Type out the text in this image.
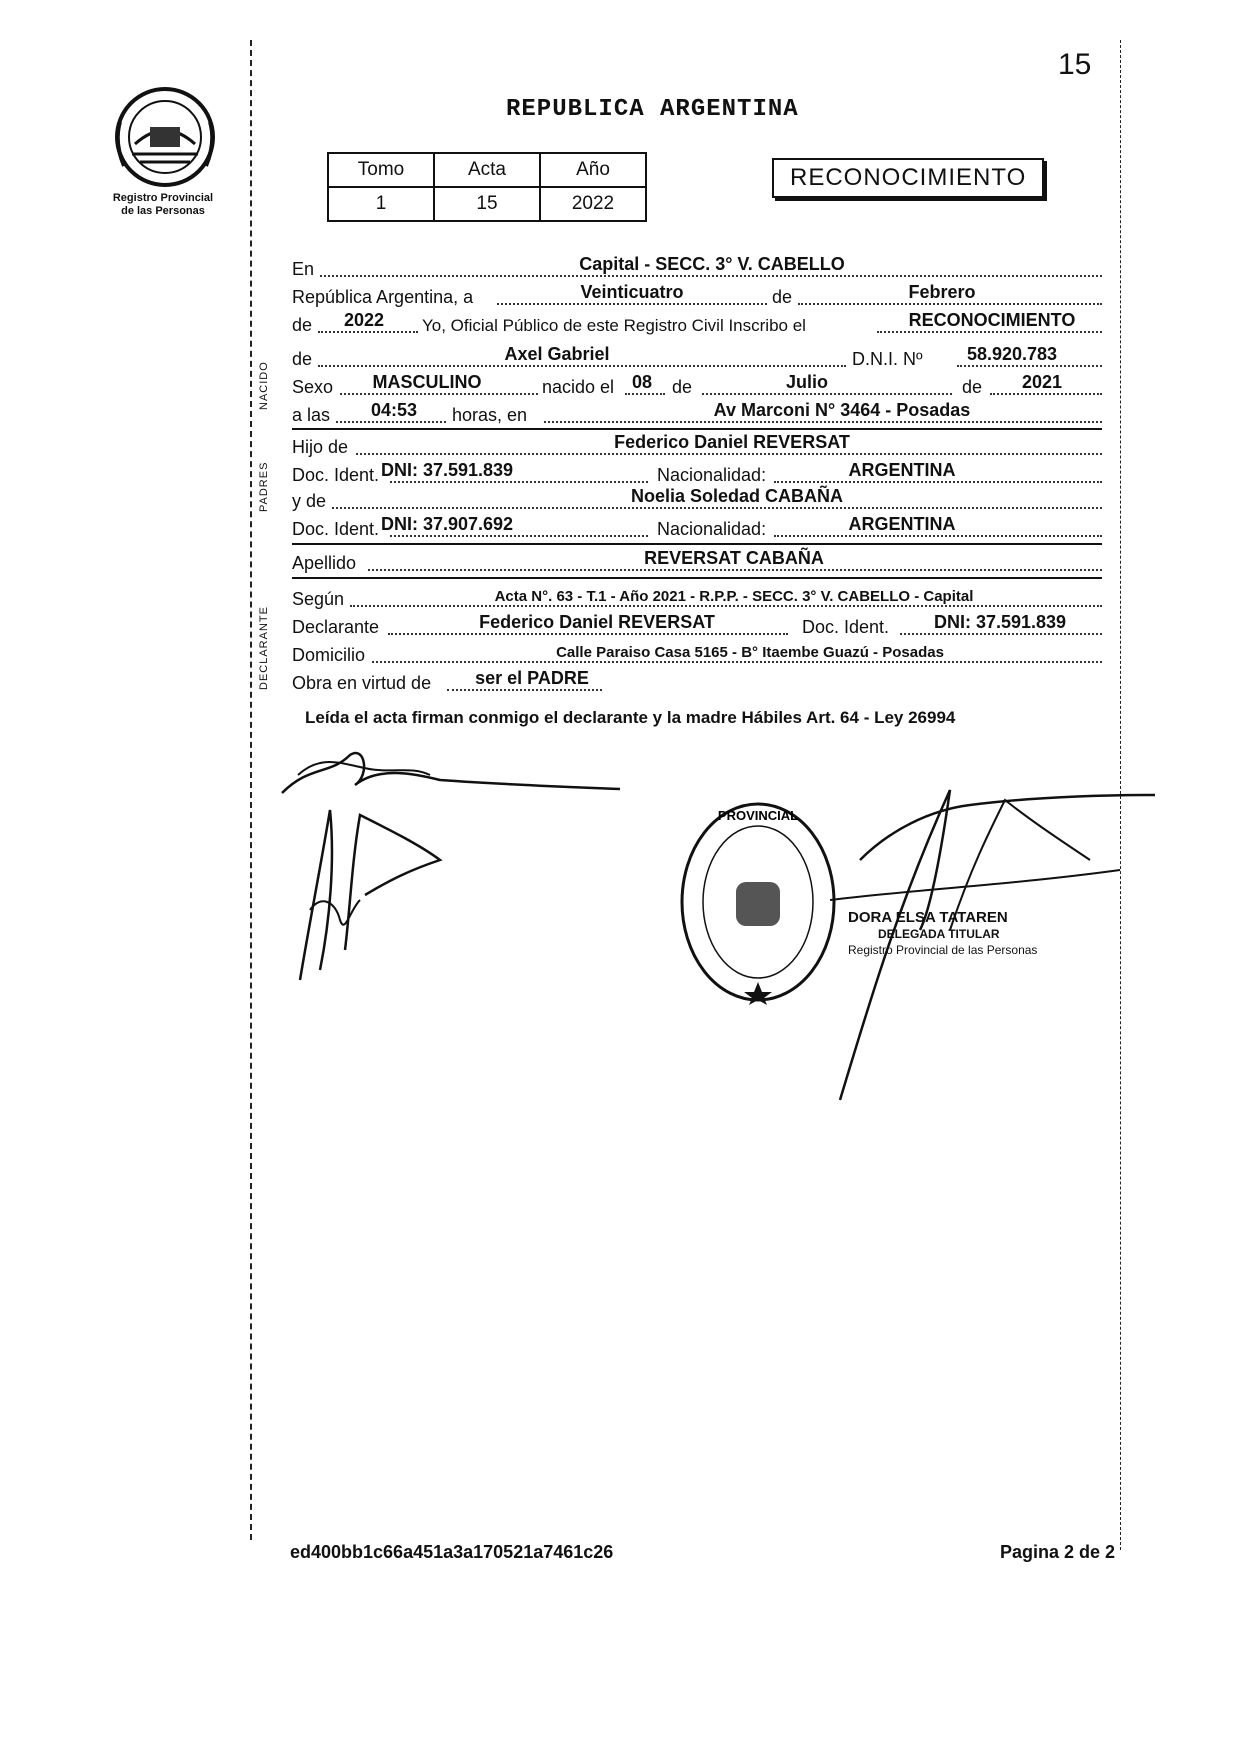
15
Registro Provincial
de las Personas
REPUBLICA ARGENTINA
Tomo	Acta	Año
1	15	2022
RECONOCIMIENTO
En	Capital - SECC. 3° V. CABELLO
República Argentina, a	Veinticuatro	de	Febrero
de 2022 Yo, Oficial Público de este Registro Civil Inscribo el	RECONOCIMIENTO
de	Axel Gabriel	D.N.I. Nº 58.920.783
Sexo MASCULINO	nacido el 08 de	Julio	de 2021
a las 04:53 horas, en	Av Marconi N° 3464 - Posadas
Hijo de	Federico Daniel REVERSAT
Doc. Ident. DNI: 37.591.839	Nacionalidad:	ARGENTINA
y de	Noelia Soledad CABAÑA
Doc. Ident. DNI: 37.907.692	Nacionalidad:	ARGENTINA
Apellido	REVERSAT CABAÑA
Según	Acta N°. 63 - T.1 - Año 2021 - R.P.P. - SECC. 3° V. CABELLO - Capital
Declarante	Federico Daniel REVERSAT	Doc. Ident. DNI: 37.591.839
Domicilio	Calle Paraiso Casa 5165 - B° Itaembe Guazú - Posadas
Obra en virtud de ser el PADRE
NACIDO
PADRES
DECLARANTE
Leída el acta firman conmigo el declarante y la madre Hábiles Art. 64 - Ley 26994
PROVINCIAL
DORA ELSA TATAREN
DELEGADA TITULAR
Registro Provincial de las Personas
ed400bb1c66a451a3a170521a7461c26	Pagina 2 de 2
